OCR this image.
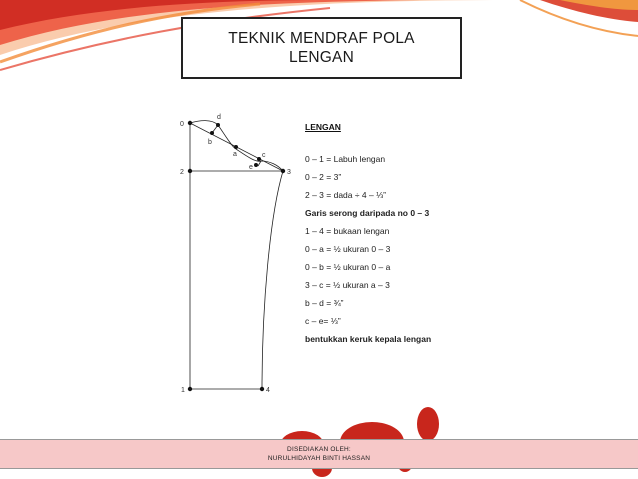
TEKNIK MENDRAF POLA
LENGAN
0
2	3
1	4
a
b
c
d
e
LENGAN
0 – 1 = Labuh lengan
0 – 2 = 3”
2 – 3 = dada ÷ 4 – ⅓”
Garis serong daripada no 0 – 3
1 – 4 = bukaan lengan
0 – a = ½ ukuran 0 – 3
0 – b = ½ ukuran 0 – a
3 – c = ½ ukuran a – 3
b – d = ¾”
c – e= ⅓”
bentukkan keruk kepala lengan
DISEDIAKAN OLEH:
NURULHIDAYAH BINTI HASSAN
